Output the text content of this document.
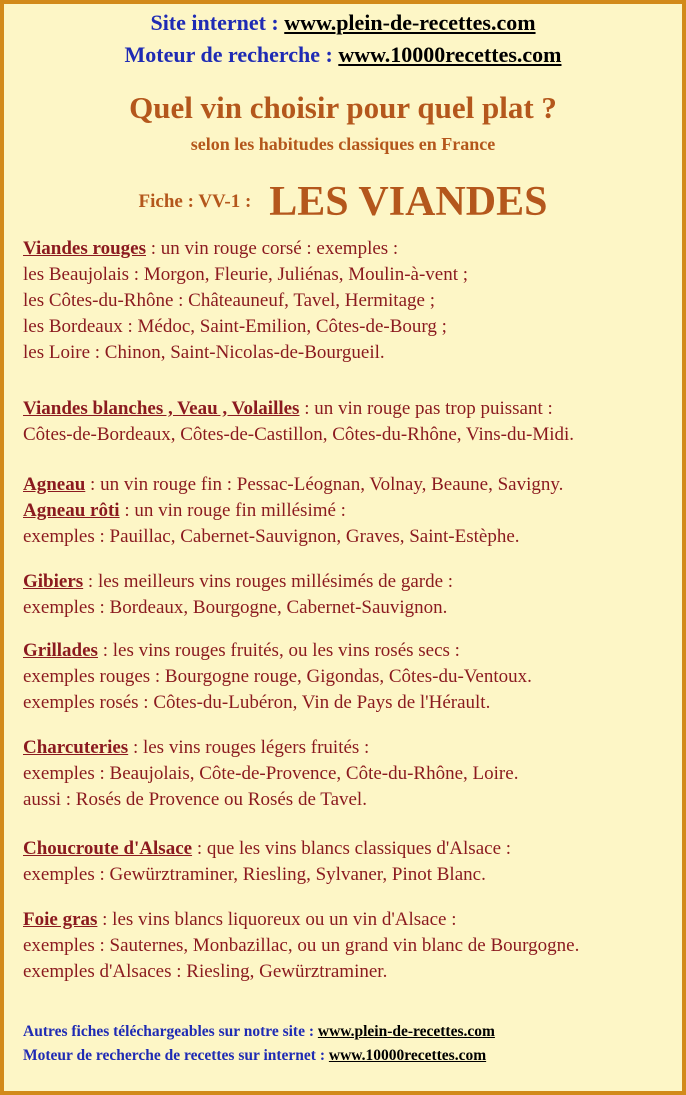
Site internet : www.plein-de-recettes.com
Moteur de recherche : www.10000recettes.com
Quel vin choisir pour quel plat ?
selon les habitudes classiques en France
Fiche : VV-1 : LES VIANDES

Viandes rouges : un vin rouge corsé : exemples :

les Beaujolais : Morgon, Fleurie, Juliénas, Moulin-à-vent ;

les Côtes-du-Rhône : Châteauneuf, Tavel, Hermitage ;

les Bordeaux : Médoc, Saint-Emilion, Côtes-de-Bourg ;

les Loire : Chinon, Saint-Nicolas-de-Bourgueil.

Viandes blanches , Veau , Volailles : un vin rouge pas trop puissant :

Côtes-de-Bordeaux, Côtes-de-Castillon, Côtes-du-Rhône, Vins-du-Midi.

Agneau : un vin rouge fin : Pessac-Léognan, Volnay, Beaune, Savigny.

Agneau rôti : un vin rouge fin millésimé :

exemples : Pauillac, Cabernet-Sauvignon, Graves, Saint-Estèphe.

Gibiers : les meilleurs vins rouges millésimés de garde :

exemples : Bordeaux, Bourgogne, Cabernet-Sauvignon.

Grillades : les vins rouges fruités, ou les vins rosés secs :

exemples rouges : Bourgogne rouge, Gigondas, Côtes-du-Ventoux.

exemples rosés : Côtes-du-Lubéron, Vin de Pays de l'Hérault.

Charcuteries : les vins rouges légers fruités :

exemples : Beaujolais, Côte-de-Provence, Côte-du-Rhône, Loire.

aussi : Rosés de Provence ou Rosés de Tavel.

Choucroute d'Alsace : que les vins blancs classiques d'Alsace :

exemples : Gewürztraminer, Riesling, Sylvaner, Pinot Blanc.

Foie gras : les vins blancs liquoreux ou un vin d'Alsace :

exemples : Sauternes, Monbazillac, ou un grand vin blanc de Bourgogne.

exemples d'Alsaces : Riesling, Gewürztraminer.

Autres fiches téléchargeables sur notre site : www.plein-de-recettes.com
Moteur de recherche de recettes sur internet : www.10000recettes.com
